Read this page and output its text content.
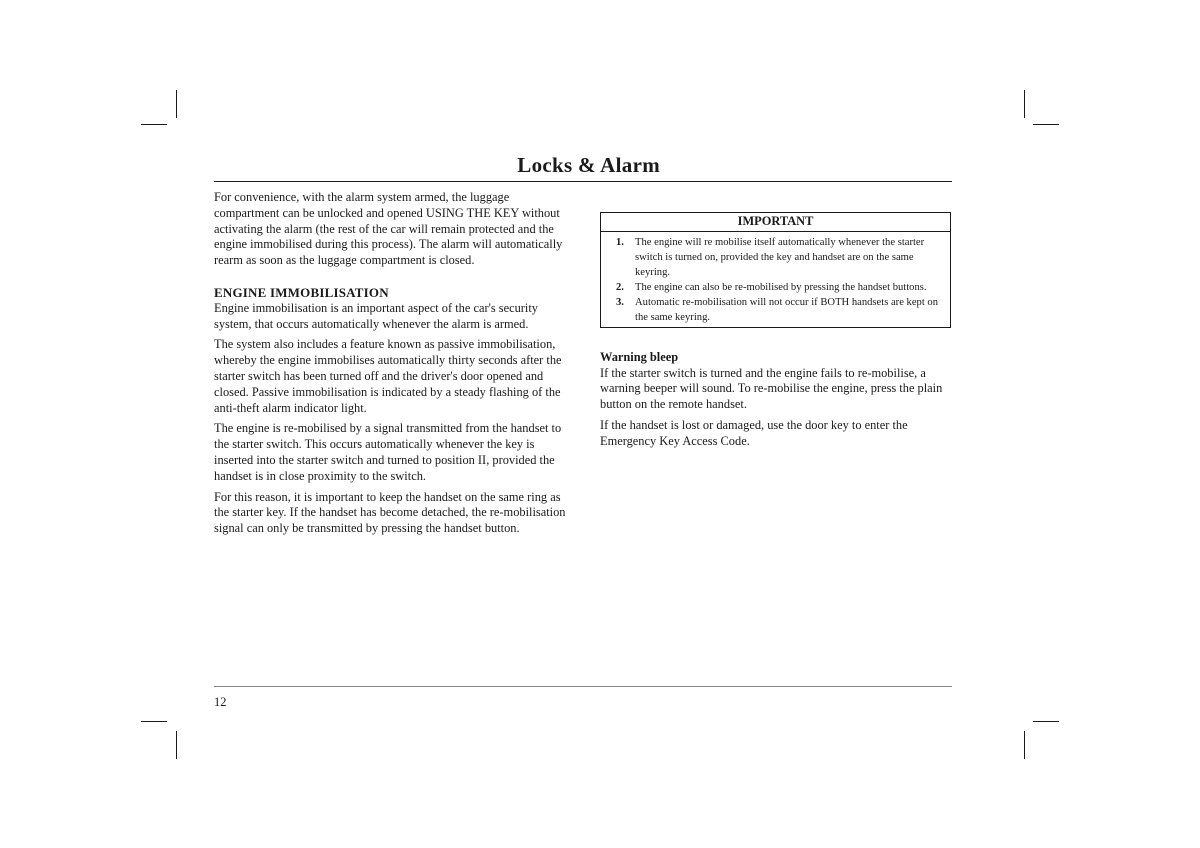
Locks & Alarm

For convenience, with the alarm system armed, the luggage compartment can be unlocked and opened USING THE KEY without activating the alarm (the rest of the car will remain protected and the engine immobilised during this process). The alarm will automatically rearm as soon as the luggage compartment is closed.

ENGINE IMMOBILISATION

Engine immobilisation is an important aspect of the car's security system, that occurs automatically whenever the alarm is armed.

The system also includes a feature known as passive immobilisation, whereby the engine immobilises automatically thirty seconds after the starter switch has been turned off and the driver's door opened and closed. Passive immobilisation is indicated by a steady flashing of the anti-theft alarm indicator light.

The engine is re-mobilised by a signal transmitted from the handset to the starter switch. This occurs automatically whenever the key is inserted into the starter switch and turned to position II, provided the handset is in close proximity to the switch.

For this reason, it is important to keep the handset on the same ring as the starter key. If the handset has become detached, the re-mobilisation signal can only be transmitted by pressing the handset button.

IMPORTANT
1.	The engine will re mobilise itself automatically whenever the starter switch is turned on, provided the key and handset are on the same keyring.
2.	The engine can also be re-mobilised by pressing the handset buttons.
3.	Automatic re-mobilisation will not occur if BOTH handsets are kept on the same keyring.
Warning bleep

If the starter switch is turned and the engine fails to re-mobilise, a warning beeper will sound. To re-mobilise the engine, press the plain button on the remote handset.

If the handset is lost or damaged, use the door key to enter the Emergency Key Access Code.

12
